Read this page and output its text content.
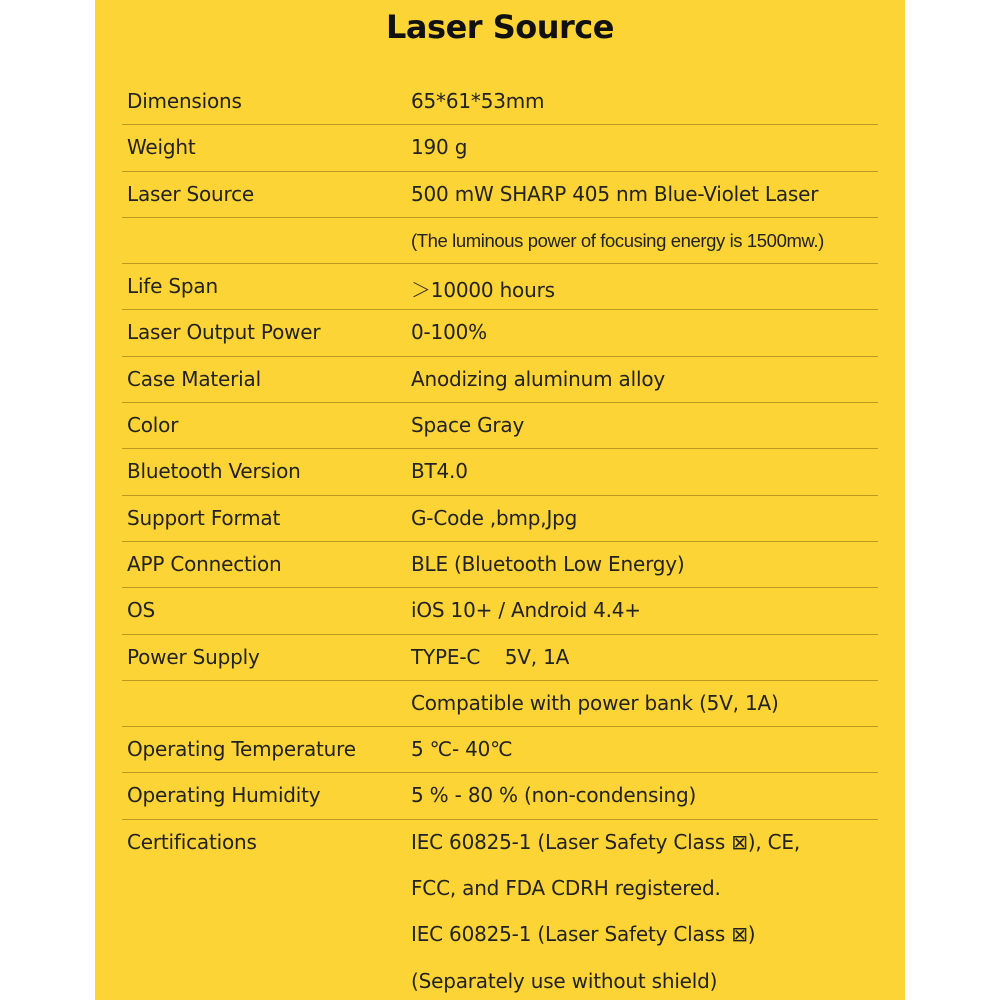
Laser Source
Dimensions	65*61*53mm
Weight	190 g
Laser Source	500 mW SHARP 405 nm Blue-Violet Laser
(The luminous power of focusing energy is 1500mw.)
Life Span	＞10000 hours
Laser Output Power	0-100%
Case Material	Anodizing aluminum alloy
Color	Space Gray
Bluetooth Version	BT4.0
Support Format	G-Code ,bmp,Jpg
APP Connection	BLE (Bluetooth Low Energy)
OS	iOS 10+ / Android 4.4+
Power Supply	TYPE-C    5V, 1A
Compatible with power bank (5V, 1A)
Operating Temperature	5 ℃- 40℃
Operating Humidity	5 % - 80 % (non-condensing)
Certifications	IEC 60825-1 (Laser Safety Class ⊠), CE,
FCC, and FDA CDRH registered.
IEC 60825-1 (Laser Safety Class ⊠)
(Separately use without shield)
